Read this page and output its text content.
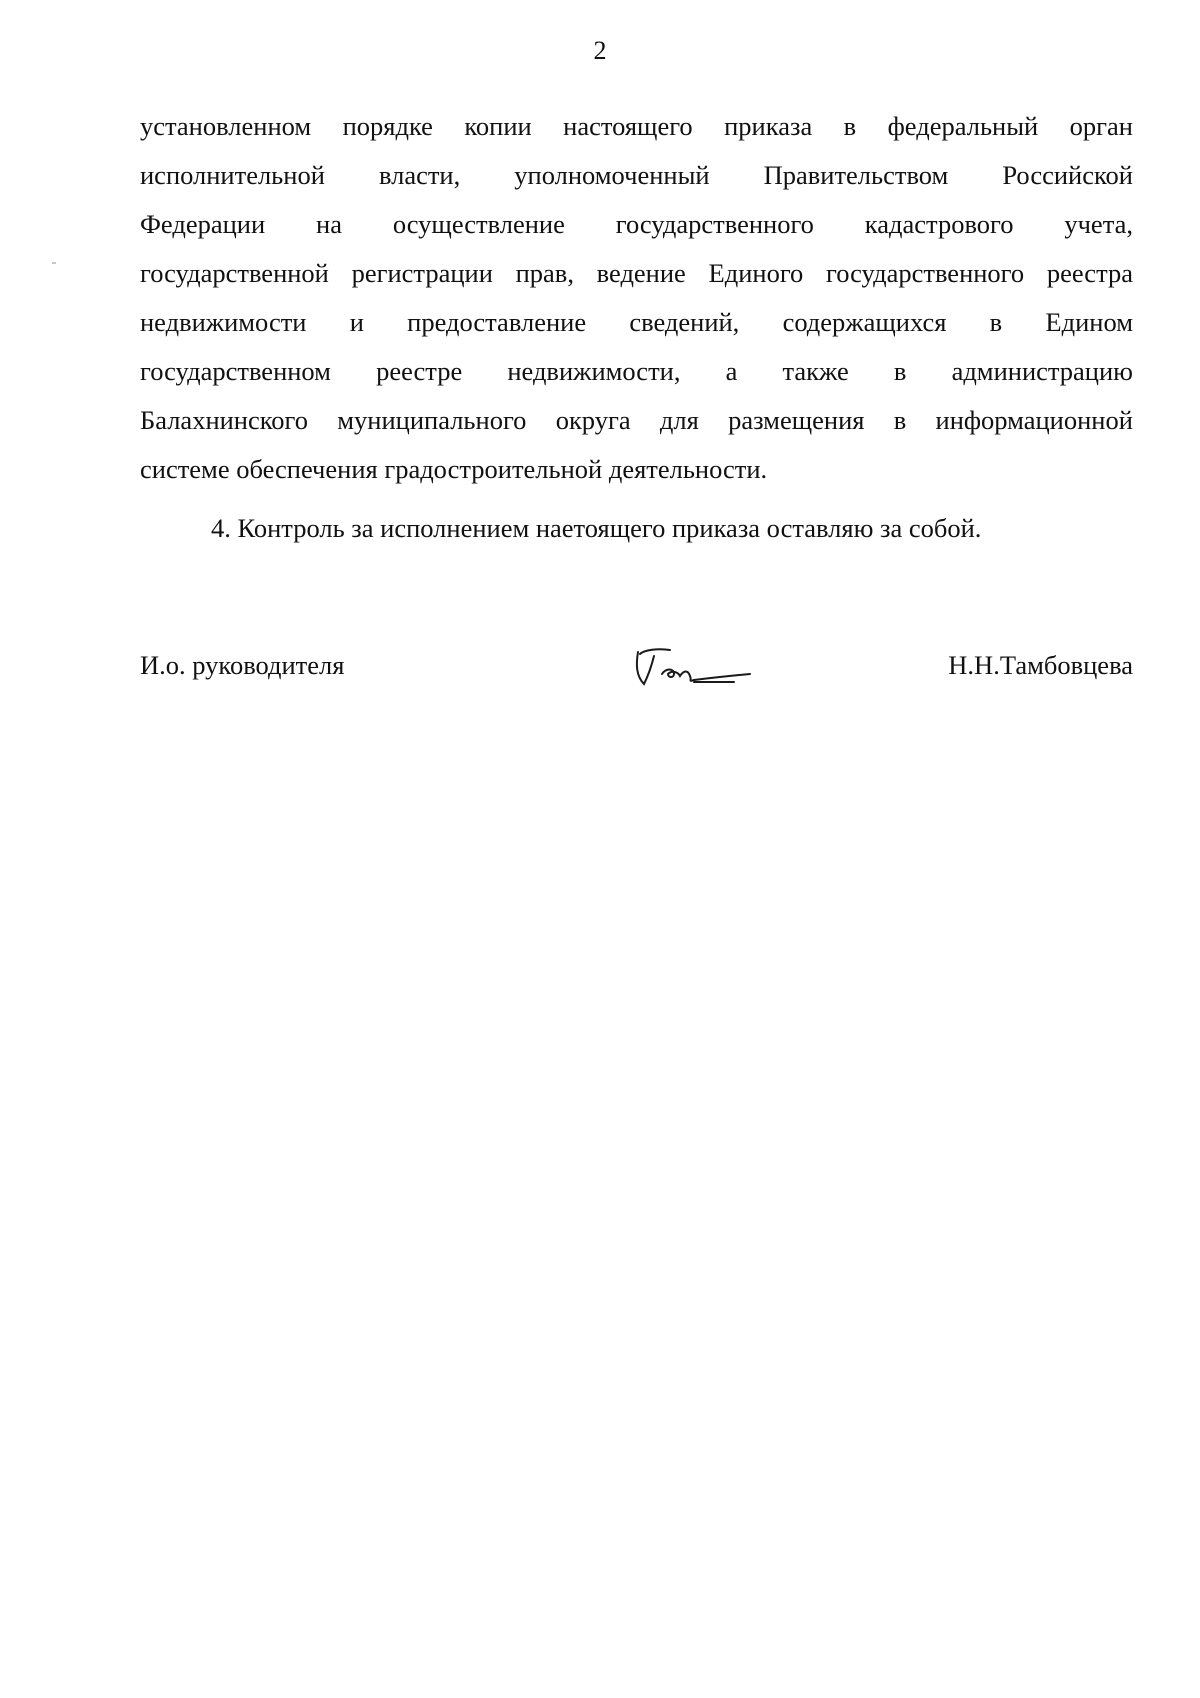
2
установленном порядке копии настоящего приказа в федеральный орган
исполнительной власти, уполномоченный Правительством Российской
Федерации на осуществление государственного кадастрового учета,
государственной регистрации прав, ведение Единого государственного реестра
недвижимости и предоставление сведений, содержащихся в Едином
государственном реестре недвижимости, а также в администрацию
Балахнинского муниципального округа для размещения в информационной
системе обеспечения градостроительной деятельности.
4. Контроль за исполнением наетоящего приказа оставляю за собой.
И.о. руководителя	Н.Н.Тамбовцева
